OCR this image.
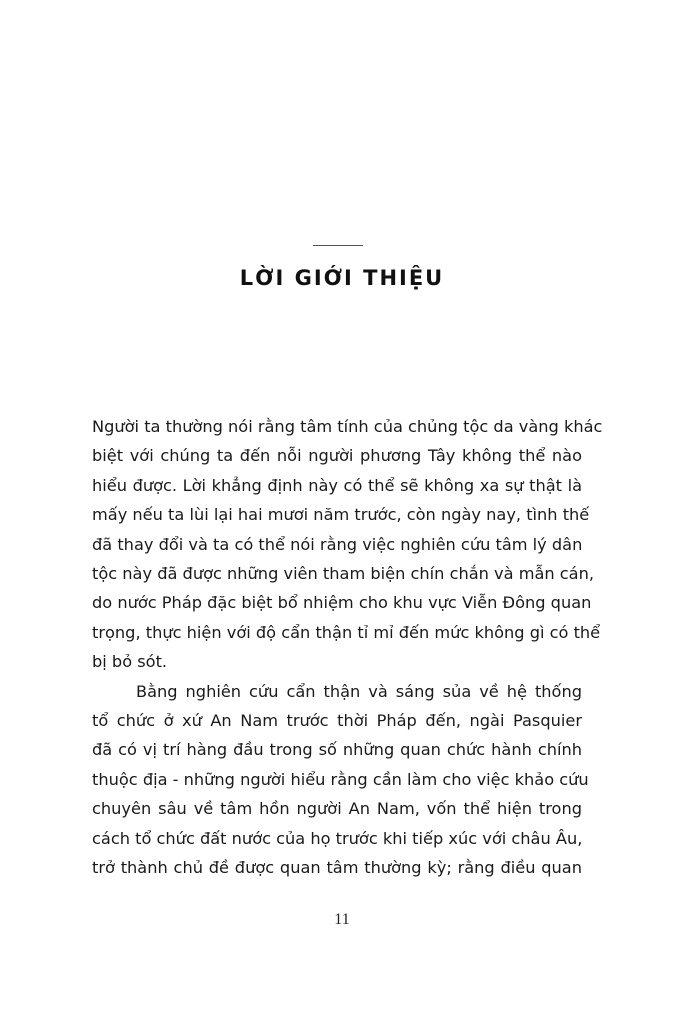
LỜI GIỚI THIỆU
Người ta thường nói rằng tâm tính của chủng tộc da vàng khác
biệt với chúng ta đến nỗi người phương Tây không thể nào
hiểu được. Lời khẳng định này có thể sẽ không xa sự thật là
mấy nếu ta lùi lại hai mươi năm trước, còn ngày nay, tình thế
đã thay đổi và ta có thể nói rằng việc nghiên cứu tâm lý dân
tộc này đã được những viên tham biện chín chắn và mẫn cán,
do nước Pháp đặc biệt bổ nhiệm cho khu vực Viễn Đông quan
trọng, thực hiện với độ cẩn thận tỉ mỉ đến mức không gì có thể
bị bỏ sót.
Bằng nghiên cứu cẩn thận và sáng sủa về hệ thống
tổ chức ở xứ An Nam trước thời Pháp đến, ngài Pasquier
đã có vị trí hàng đầu trong số những quan chức hành chính
thuộc địa - những người hiểu rằng cần làm cho việc khảo cứu
chuyên sâu về tâm hồn người An Nam, vốn thể hiện trong
cách tổ chức đất nước của họ trước khi tiếp xúc với châu Âu,
trở thành chủ đề được quan tâm thường kỳ; rằng điều quan
11
